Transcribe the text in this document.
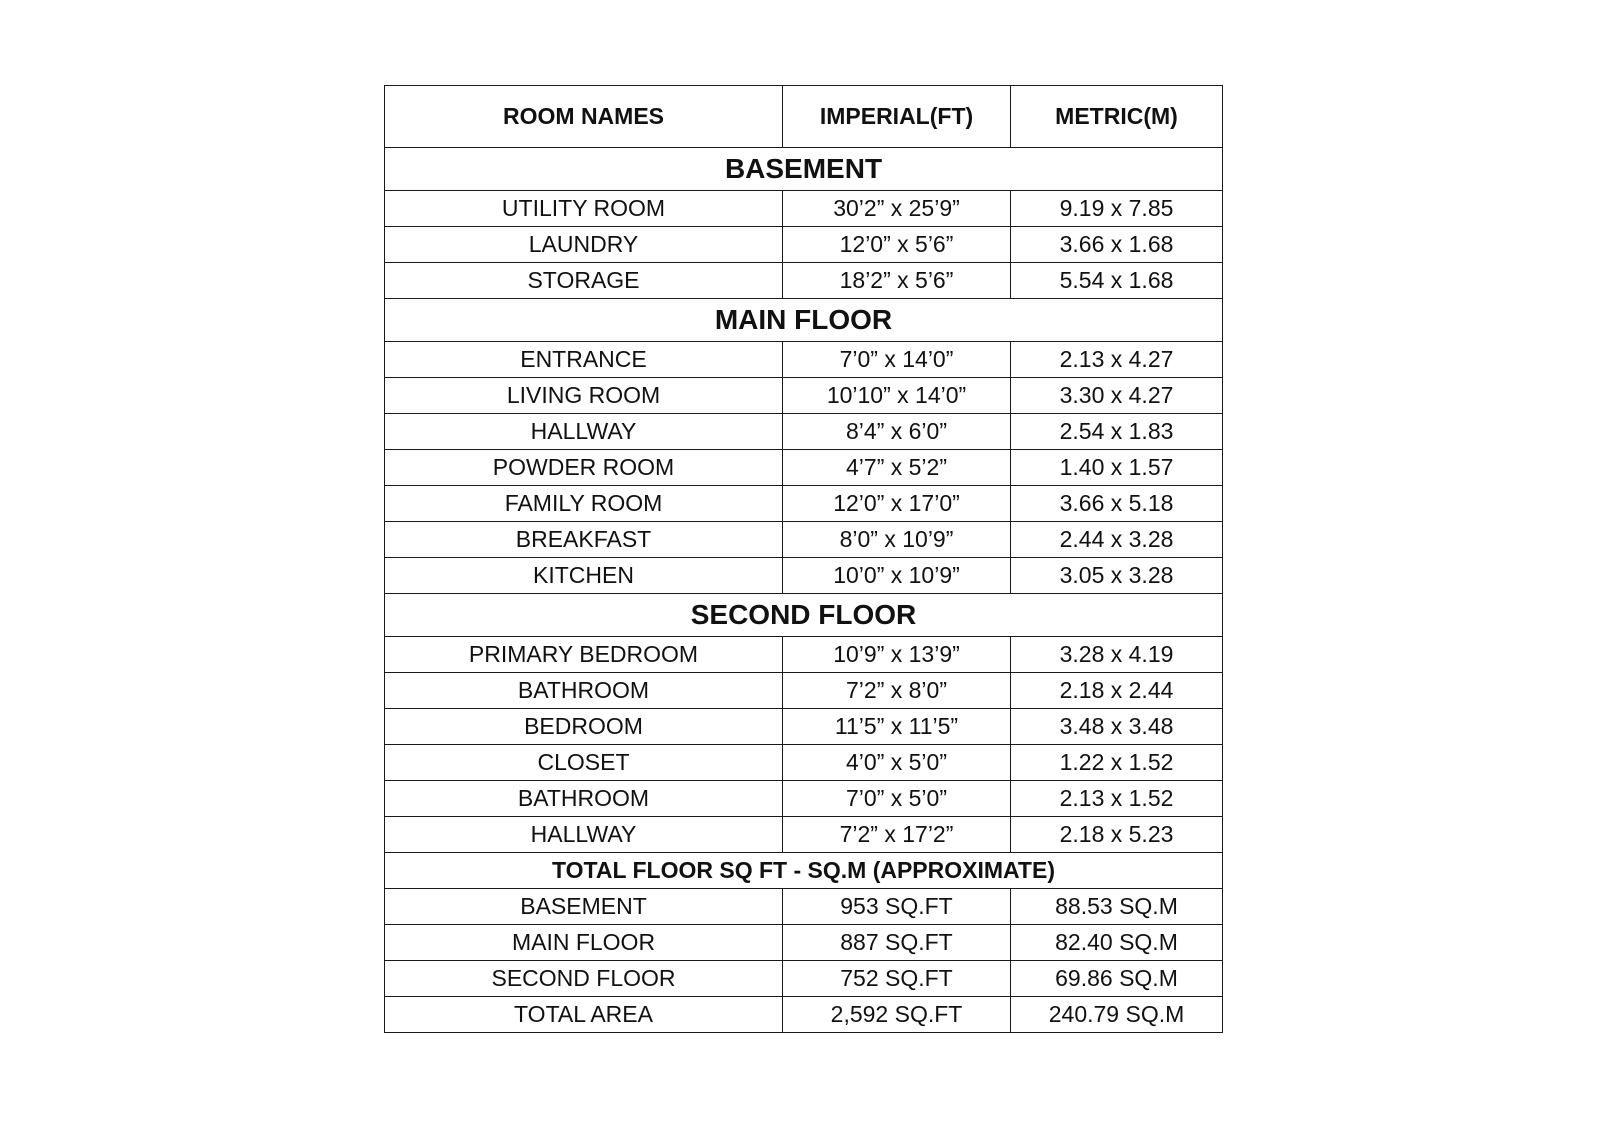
ROOM NAMES	IMPERIAL(FT)	METRIC(M)
BASEMENT		
UTILITY ROOM	30’2” x 25’9”	9.19 x 7.85
LAUNDRY	12’0” x 5’6”	3.66 x 1.68
STORAGE	18’2” x 5’6”	5.54 x 1.68
MAIN FLOOR		
ENTRANCE	7’0” x 14’0”	2.13 x 4.27
LIVING ROOM	10’10” x 14’0”	3.30 x 4.27
HALLWAY	8’4” x 6’0”	2.54 x 1.83
POWDER ROOM	4’7” x 5’2”	1.40 x 1.57
FAMILY ROOM	12’0” x 17’0”	3.66 x 5.18
BREAKFAST	8’0” x 10’9”	2.44 x 3.28
KITCHEN	10’0” x 10’9”	3.05 x 3.28
SECOND FLOOR		
PRIMARY BEDROOM	10’9” x 13’9”	3.28 x 4.19
BATHROOM	7’2” x 8’0”	2.18 x 2.44
BEDROOM	11’5” x 11’5”	3.48 x 3.48
CLOSET	4’0” x 5’0”	1.22 x 1.52
BATHROOM	7’0” x 5’0”	2.13 x 1.52
HALLWAY	7’2” x 17’2”	2.18 x 5.23
TOTAL FLOOR SQ FT - SQ.M (APPROXIMATE)		
BASEMENT	953 SQ.FT	88.53 SQ.M
MAIN FLOOR	887 SQ.FT	82.40 SQ.M
SECOND FLOOR	752 SQ.FT	69.86 SQ.M
TOTAL AREA	2,592 SQ.FT	240.79 SQ.M
